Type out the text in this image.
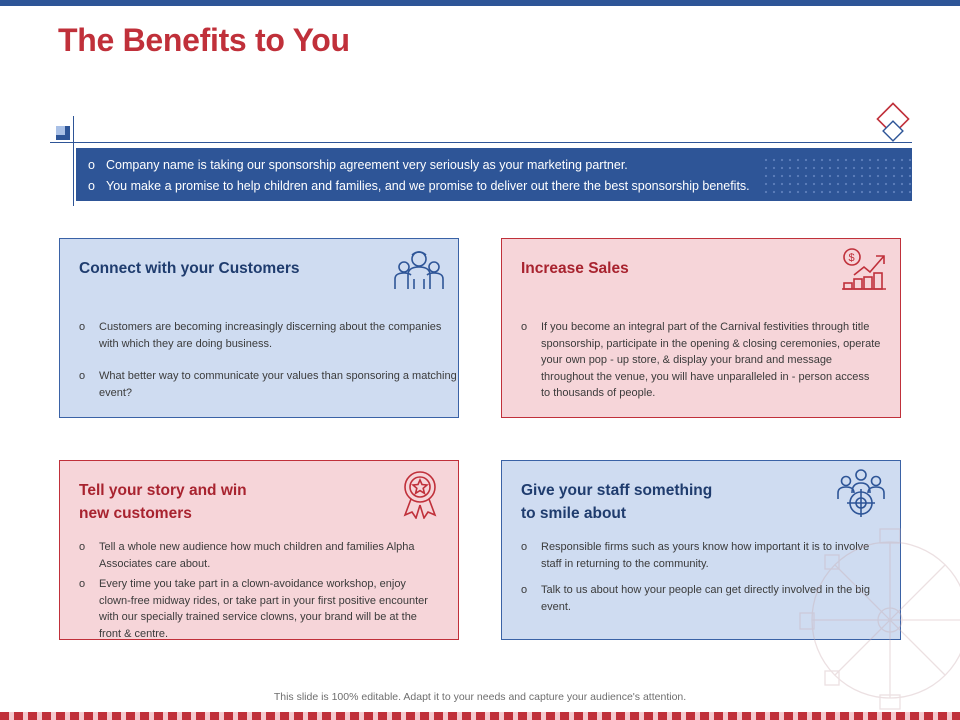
The Benefits to You
o Company name is taking our sponsorship agreement very seriously as your marketing partner.
o You make a promise to help children and families, and we promise to deliver out there the best sponsorship benefits.
Connect with your Customers
o Customers are becoming increasingly discerning about the companies with which they are doing business.
o What better way to communicate your values than sponsoring a matching event?
Increase Sales
$
o If you become an integral part of the Carnival festivities through title sponsorship, participate in the opening & closing ceremonies, operate your own pop - up store, & display your brand and message throughout the venue, you will have unparalleled in - person access to thousands of people.
Tell your story and win
new customers
o Tell a whole new audience how much children and families Alpha Associates care about.
o Every time you take part in a clown-avoidance workshop, enjoy clown-free midway rides, or take part in your first positive encounter with our specially trained service clowns, your brand will be at the front & centre.
Give your staff something
to smile about
o Responsible firms such as yours know how important it is to involve staff in returning to the community.
o Talk to us about how your people can get directly involved in the big event.
This slide is 100% editable. Adapt it to your needs and capture your audience's attention.
